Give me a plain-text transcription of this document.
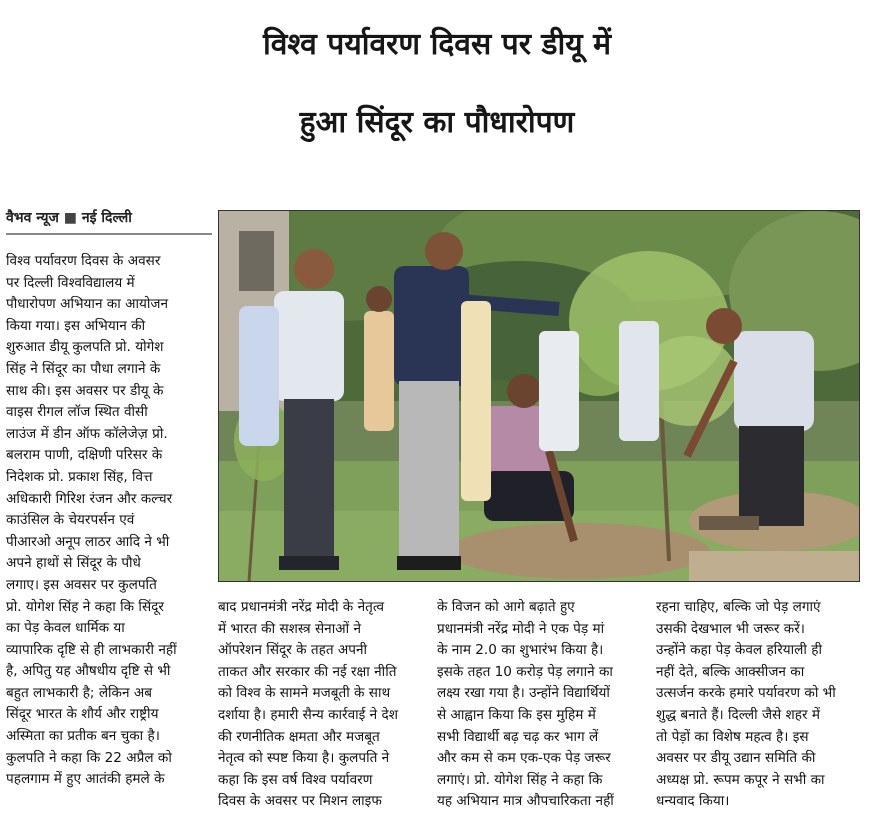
विश्व पर्यावरण दिवस पर डीयू में
हुआ सिंदूर का पौधारोपण
वैभव न्यूज ■ नई दिल्ली
विश्व पर्यावरण दिवस के अवसर
पर दिल्ली विश्वविद्यालय में
पौधारोपण अभियान का आयोजन
किया गया। इस अभियान की
शुरुआत डीयू कुलपति प्रो. योगेश
सिंह ने सिंदूर का पौधा लगाने के
साथ की। इस अवसर पर डीयू के
वाइस रीगल लॉज स्थित वीसी
लाउंज में डीन ऑफ कॉलेजेज़ प्रो.
बलराम पाणी, दक्षिणी परिसर के
निदेशक प्रो. प्रकाश सिंह, वित्त
अधिकारी गिरिश रंजन और कल्चर
काउंसिल के चेयरपर्सन एवं
पीआरओ अनूप लाठर आदि ने भी
अपने हाथों से सिंदूर के पौधे
लगाए। इस अवसर पर कुलपति
प्रो. योगेश सिंह ने कहा कि सिंदूर
का पेड़ केवल धार्मिक या
व्यापारिक दृष्टि से ही लाभकारी नहीं
है, अपितु यह औषधीय दृष्टि से भी
बहुत लाभकारी है; लेकिन अब
सिंदूर भारत के शौर्य और राष्ट्रीय
अस्मिता का प्रतीक बन चुका है।
कुलपति ने कहा कि 22 अप्रैल को
पहलगाम में हुए आतंकी हमले के
बाद प्रधानमंत्री नरेंद्र मोदी के नेतृत्व
में भारत की सशस्त्र सेनाओं ने
ऑपरेशन सिंदूर के तहत अपनी
ताकत और सरकार की नई रक्षा नीति
को विश्व के सामने मजबूती के साथ
दर्शाया है। हमारी सैन्य कार्रवाई ने देश
की रणनीतिक क्षमता और मजबूत
नेतृत्व को स्पष्ट किया है। कुलपति ने
कहा कि इस वर्ष विश्व पर्यावरण
दिवस के अवसर पर मिशन लाइफ
के विजन को आगे बढ़ाते हुए
प्रधानमंत्री नरेंद्र मोदी ने एक पेड़ मां
के नाम 2.0 का शुभारंभ किया है।
इसके तहत 10 करोड़ पेड़ लगाने का
लक्ष्य रखा गया है। उन्होंने विद्यार्थियों
से आह्वान किया कि इस मुहिम में
सभी विद्यार्थी बढ़ चढ़ कर भाग लें
और कम से कम एक-एक पेड़ जरूर
लगाएं। प्रो. योगेश सिंह ने कहा कि
यह अभियान मात्र औपचारिकता नहीं
रहना चाहिए, बल्कि जो पेड़ लगाएं
उसकी देखभाल भी जरूर करें।
उन्होंने कहा पेड़ केवल हरियाली ही
नहीं देते, बल्कि आक्सीजन का
उत्सर्जन करके हमारे पर्यावरण को भी
शुद्ध बनाते हैं। दिल्ली जैसे शहर में
तो पेड़ों का विशेष महत्व है। इस
अवसर पर डीयू उद्यान समिति की
अध्यक्ष प्रो. रूपम कपूर ने सभी का
धन्यवाद किया।
